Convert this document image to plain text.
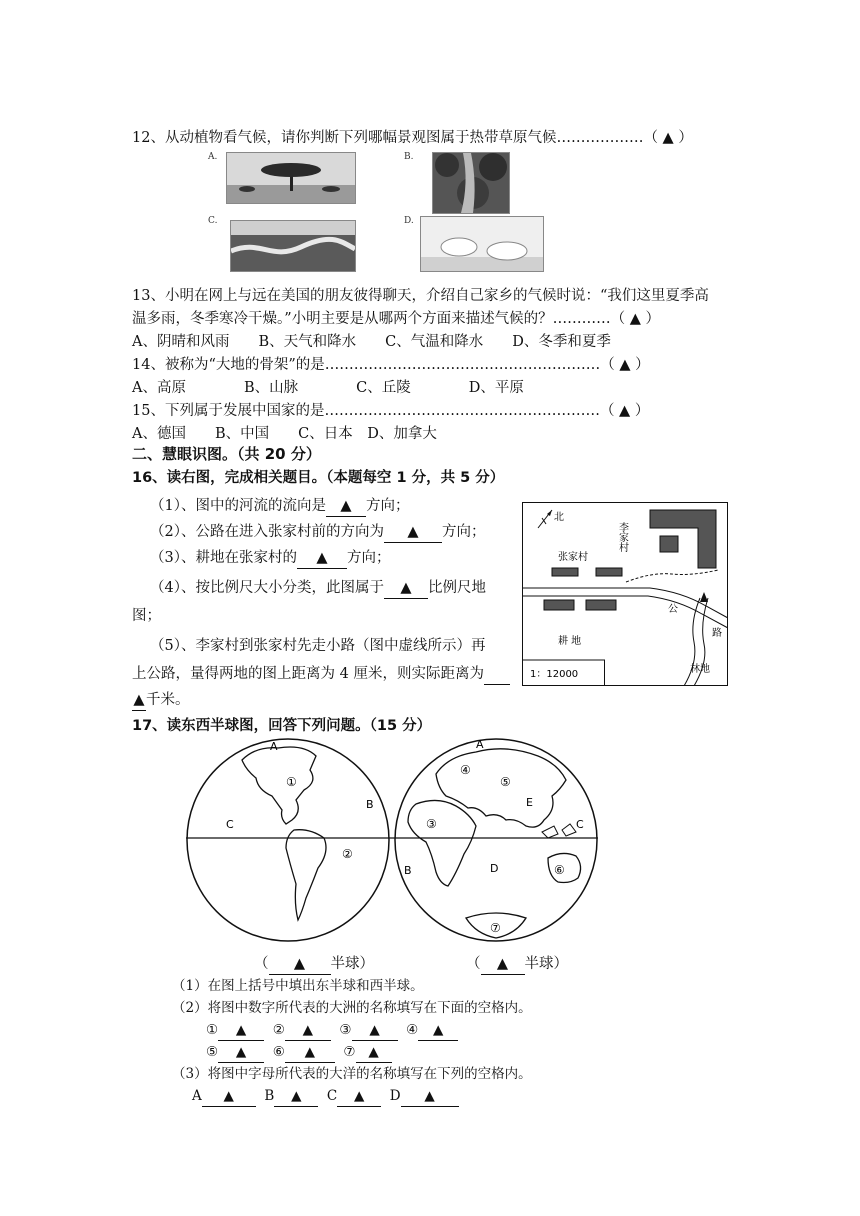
12、从动植物看气候，请你判断下列哪幅景观图属于热带草原气候………………（ ▲ ）
A.	B.
C.	D.
13、小明在网上与远在美国的朋友彼得聊天，介绍自己家乡的气候时说：“我们这里夏季高
温多雨，冬季寒冷干燥。”小明主要是从哪两个方面来描述气候的？…………（ ▲ ）
A、阴晴和风雨　　B、天气和降水　　C、气温和降水　　D、冬季和夏季
14、被称为“大地的骨架”的是…………………………………………………（ ▲ ）
A、高原　　　　B、山脉　　　　C、丘陵　　　　D、平原
15、下列属于发展中国家的是…………………………………………………（ ▲ ）
A、德国　　B、中国　　C、日本　D、加拿大
二、慧眼识图。（共 20 分）
16、读右图，完成相关题目。（本题每空 1 分，共 5 分）
（1）、图中的河流的流向是 ▲ 方向；
（2）、公路在进入张家村前的方向为 ▲ 方向；
（3）、耕地在张家村的 ▲ 方向；
（4）、按比例尺大小分类，此图属于 ▲ 比例尺地
图；
（5）、李家村到张家村先走小路（图中虚线所示）再
上公路，量得两地的图上距离为 4 厘米，则实际距离为
▲千米。
北
李家村
张家村
公
路
耕 地
林地
1：12000
17、读东西半球图，回答下列问题。（15 分）
A
①
B
C
②
A
④
⑤
E
③	C
D
B	⑥
⑦
（ ▲ 半球）	（ ▲ 半球）
（1）在图上括号中填出东半球和西半球。
（2）将图中数字所代表的大洲的名称填写在下面的空格内。
① ▲ ② ▲ ③ ▲ ④ ▲
⑤ ▲ ⑥ ▲ ⑦ ▲
（3）将图中字母所代表的大洋的名称填写在下列的空格内。
A ▲ B ▲ C ▲ D ▲
